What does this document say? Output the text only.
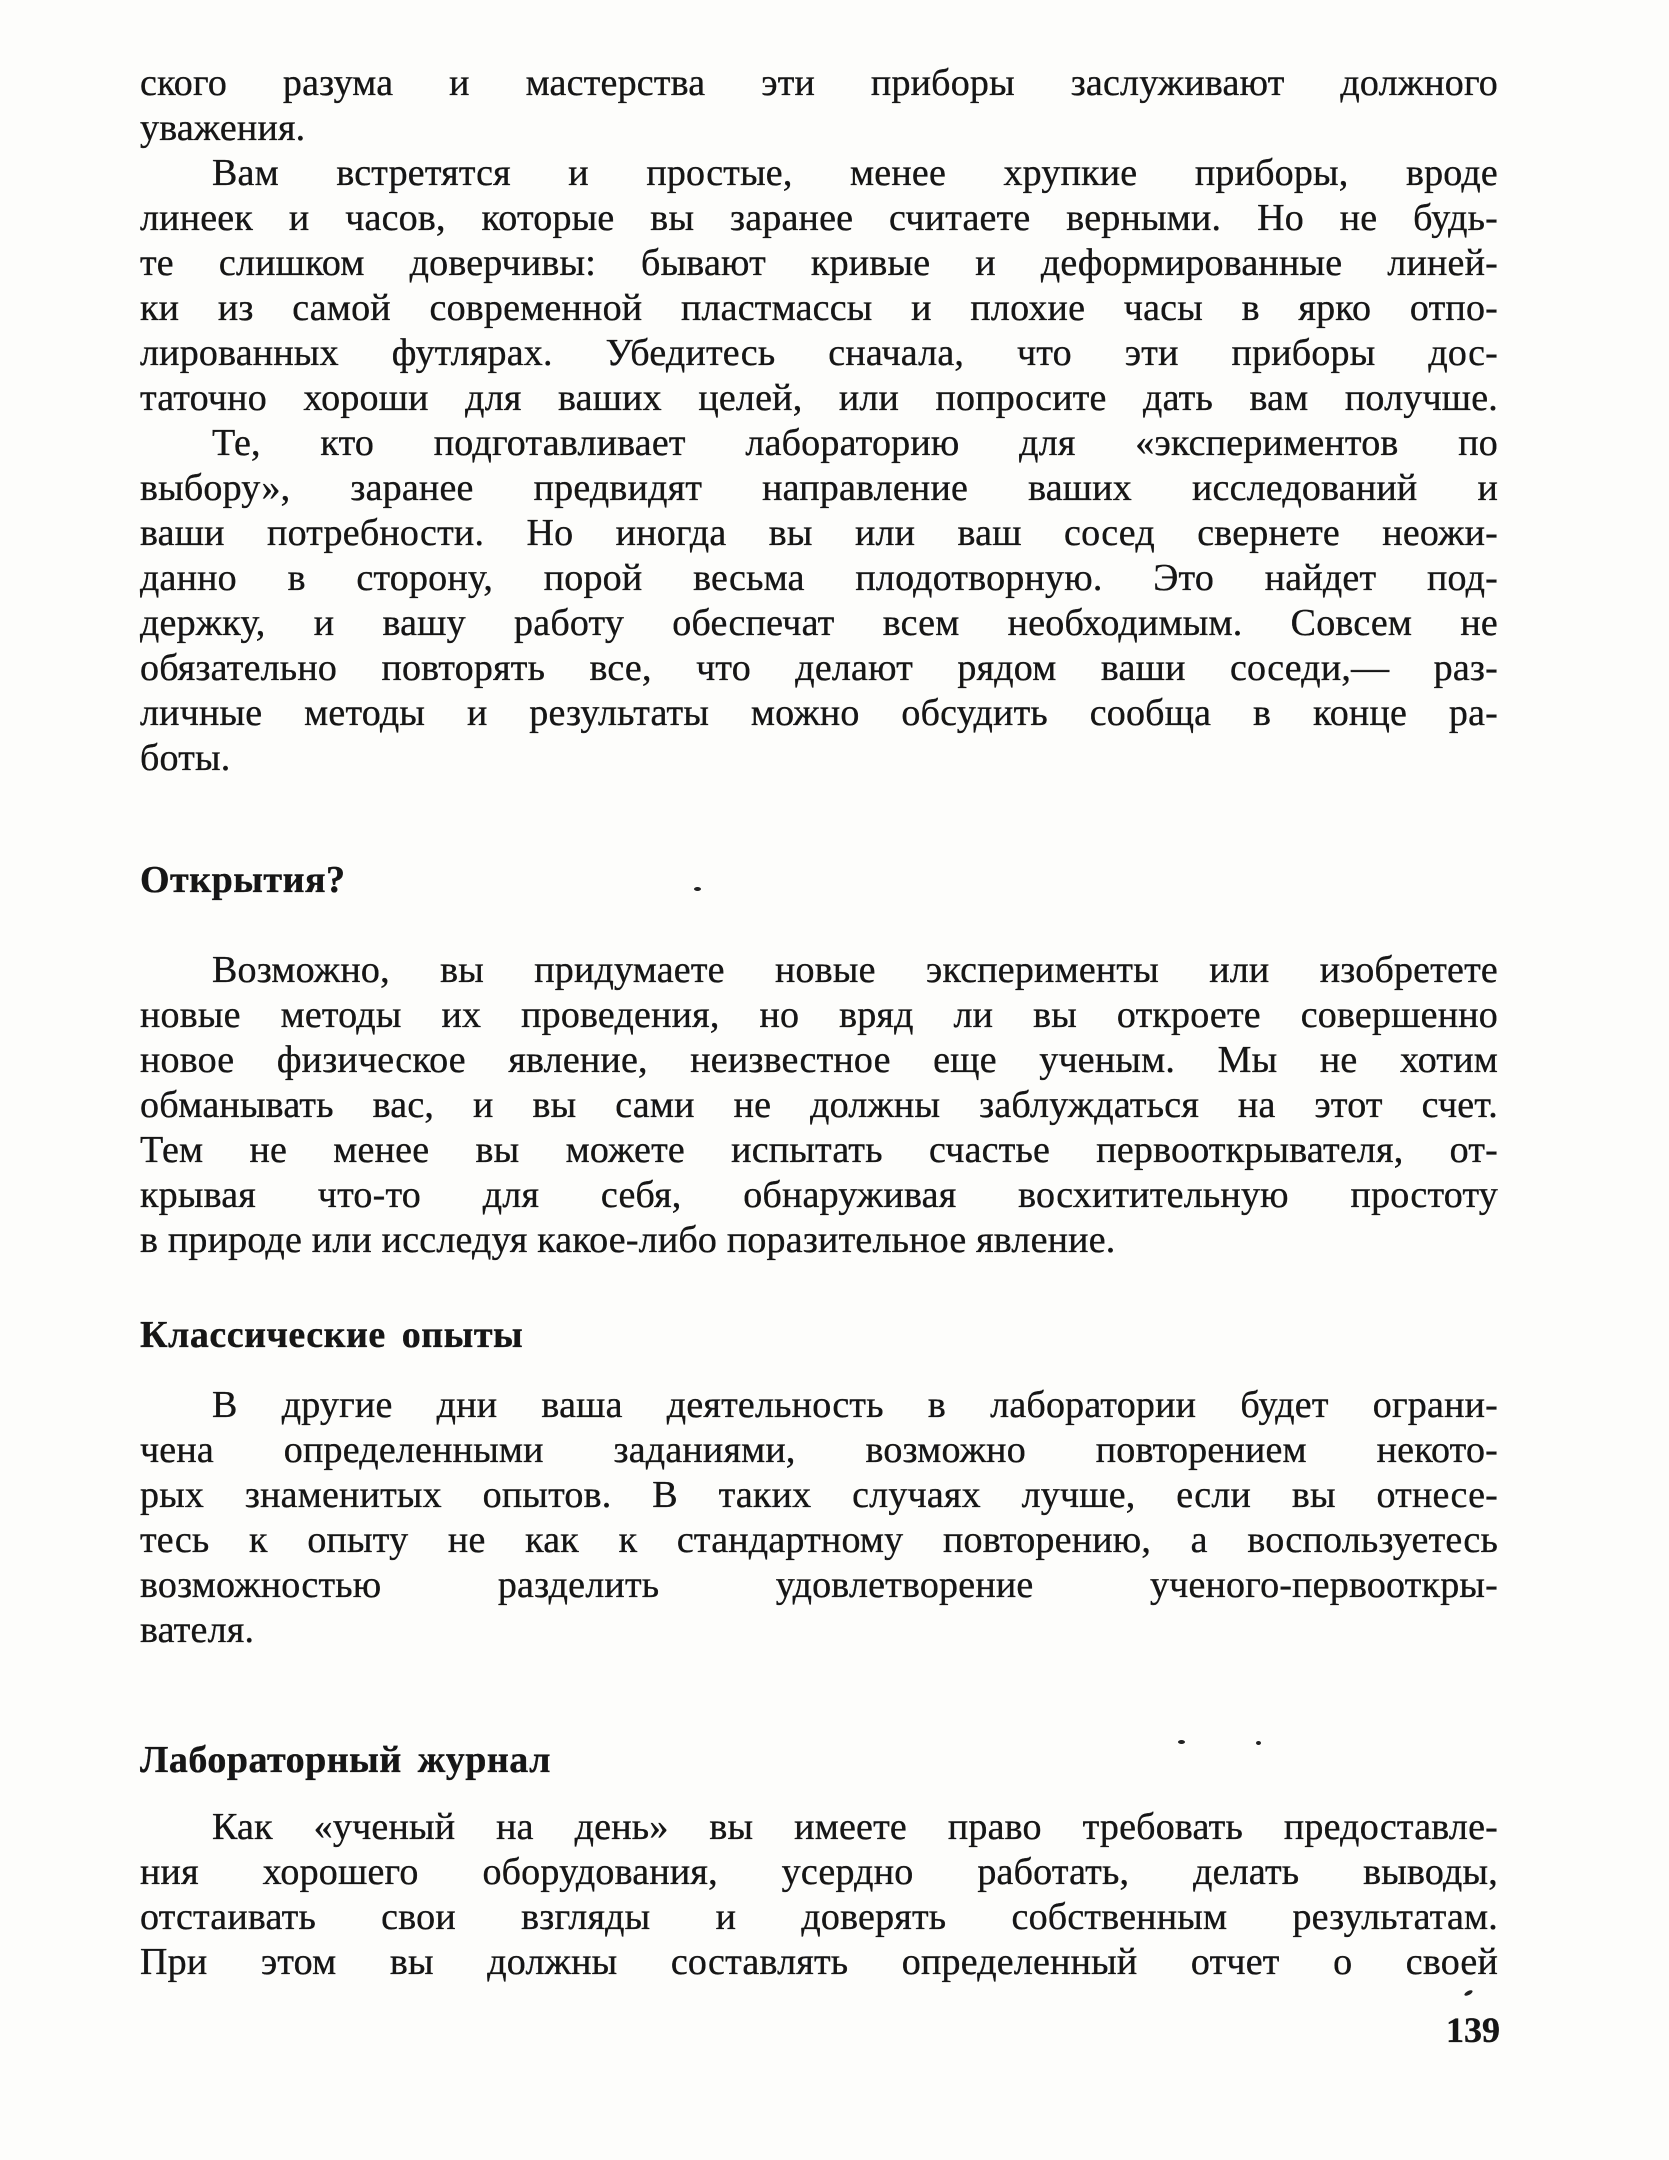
ского разума и мастерства эти приборы заслуживают должного
уважения.
Вам встретятся и простые, менее хрупкие приборы, вроде
линеек и часов, которые вы заранее считаете верными. Но не будь-
те слишком доверчивы: бывают кривые и деформированные линей-
ки из самой современной пластмассы и плохие часы в ярко отпо-
лированных футлярах. Убедитесь сначала, что эти приборы дос-
таточно хороши для ваших целей, или попросите дать вам получше.
Те, кто подготавливает лабораторию для «экспериментов по
выбору», заранее предвидят направление ваших исследований и
ваши потребности. Но иногда вы или ваш сосед свернете неожи-
данно в сторону, порой весьма плодотворную. Это найдет под-
держку, и вашу работу обеспечат всем необходимым. Совсем не
обязательно повторять все, что делают рядом ваши соседи,— раз-
личные методы и результаты можно обсудить сообща в конце ра-
боты.
Открытия?
Возможно, вы придумаете новые эксперименты или изобретете
новые методы их проведения, но вряд ли вы откроете совершенно
новое физическое явление, неизвестное еще ученым. Мы не хотим
обманывать вас, и вы сами не должны заблуждаться на этот счет.
Тем не менее вы можете испытать счастье первооткрывателя, от-
крывая что-то для себя, обнаруживая восхитительную простоту
в природе или исследуя какое-либо поразительное явление.
Классические опыты
В другие дни ваша деятельность в лаборатории будет ограни-
чена определенными заданиями, возможно повторением некото-
рых знаменитых опытов. В таких случаях лучше, если вы отнесе-
тесь к опыту не как к стандартному повторению, а воспользуетесь
возможностью разделить удовлетворение ученого-первооткры-
вателя.
Лабораторный журнал
Как «ученый на день» вы имеете право требовать предоставле-
ния хорошего оборудования, усердно работать, делать выводы,
отстаивать свои взгляды и доверять собственным результатам.
При этом вы должны составлять определенный отчет о своей
139
